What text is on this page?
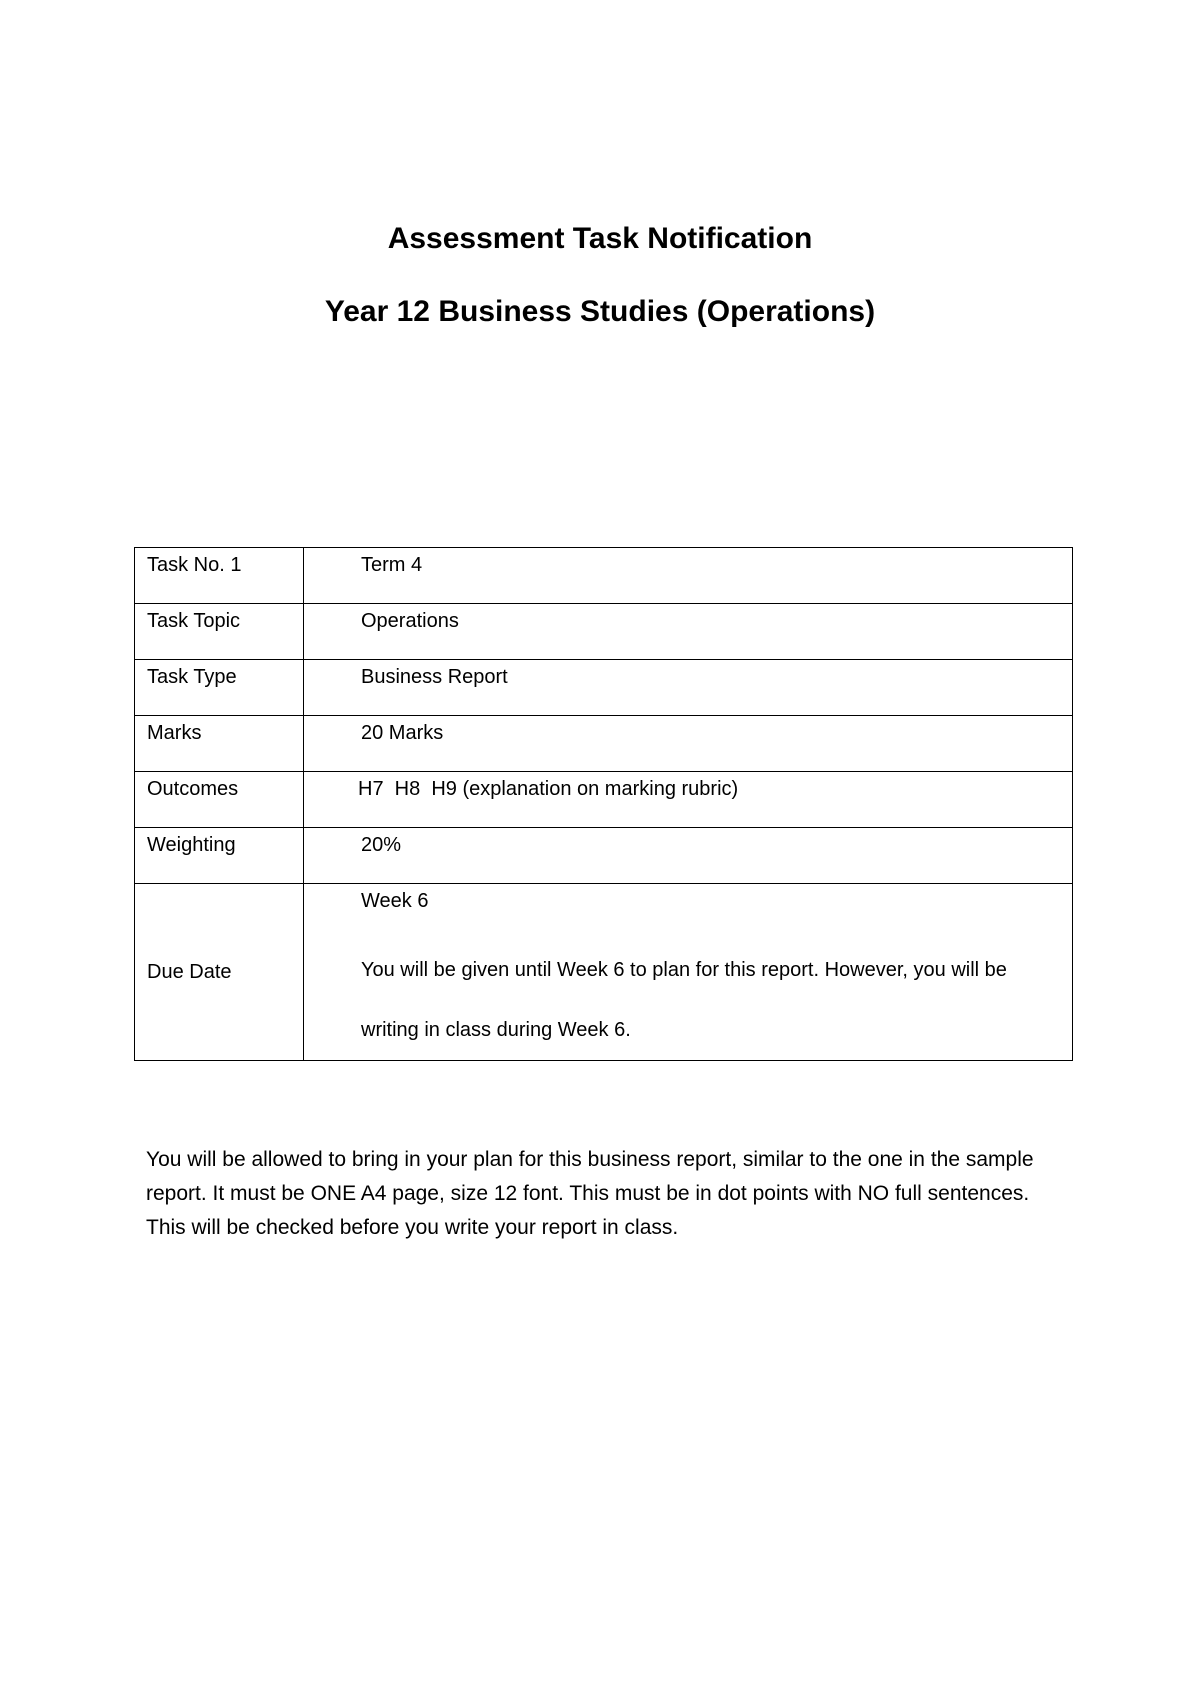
Assessment Task Notification
Year 12 Business Studies (Operations)
Task No. 1	Term 4

Task Topic	Operations

Task Type	Business Report

Marks	20 Marks

Outcomes	H7  H8  H9 (explanation on marking rubric)

Weighting	20%

Due Date	Week 6

You will be given until Week 6 to plan for this report. However, you will be writing in class during Week 6.

You will be allowed to bring in your plan for this business report, similar to the one in the sample report. It must be ONE A4 page, size 12 font. This must be in dot points with NO full sentences. This will be checked before you write your report in class.
